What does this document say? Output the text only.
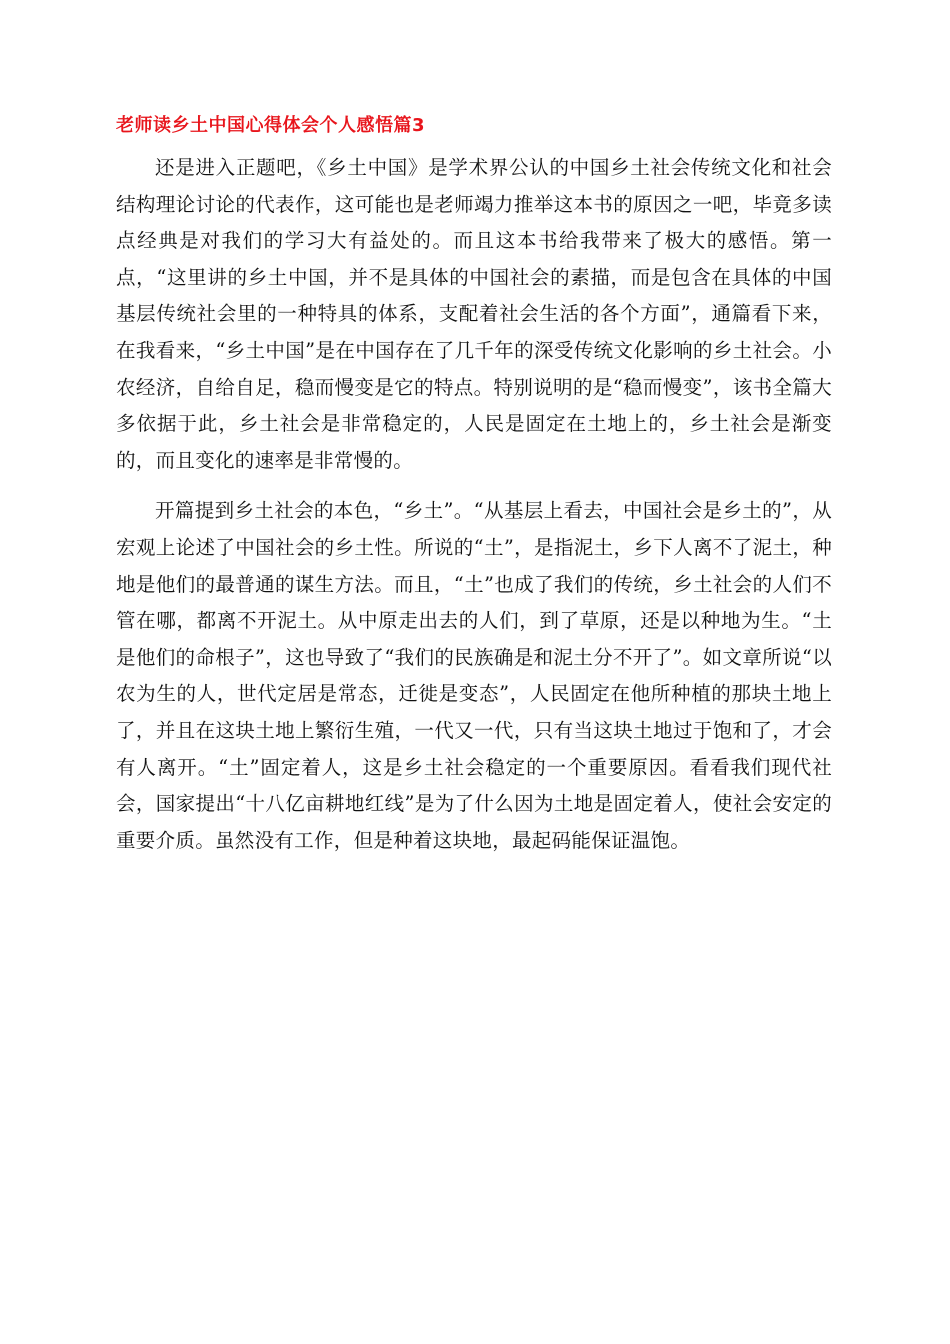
老师读乡土中国心得体会个人感悟篇3

还是进入正题吧，《乡土中国》是学术界公认的中国乡土社会传统文化和社会结构理论讨论的代表作，这可能也是老师竭力推举这本书的原因之一吧，毕竟多读点经典是对我们的学习大有益处的。而且这本书给我带来了极大的感悟。第一点，“这里讲的乡土中国，并不是具体的中国社会的素描，而是包含在具体的中国基层传统社会里的一种特具的体系，支配着社会生活的各个方面”，通篇看下来，在我看来，“乡土中国”是在中国存在了几千年的深受传统文化影响的乡土社会。小农经济，自给自足，稳而慢变是它的特点。特别说明的是“稳而慢变”，该书全篇大多依据于此，乡土社会是非常稳定的，人民是固定在土地上的，乡土社会是渐变的，而且变化的速率是非常慢的。

开篇提到乡土社会的本色，“乡土”。“从基层上看去，中国社会是乡土的”，从宏观上论述了中国社会的乡土性。所说的“土”，是指泥土，乡下人离不了泥土，种地是他们的最普通的谋生方法。而且，“土”也成了我们的传统，乡土社会的人们不管在哪，都离不开泥土。从中原走出去的人们，到了草原，还是以种地为生。“土是他们的命根子”，这也导致了“我们的民族确是和泥土分不开了”。如文章所说“以农为生的人，世代定居是常态，迁徙是变态”，人民固定在他所种植的那块土地上了，并且在这块土地上繁衍生殖，一代又一代，只有当这块土地过于饱和了，才会有人离开。“土”固定着人，这是乡土社会稳定的一个重要原因。看看我们现代社会，国家提出“十八亿亩耕地红线”是为了什么因为土地是固定着人，使社会安定的重要介质。虽然没有工作，但是种着这块地，最起码能保证温饱。
